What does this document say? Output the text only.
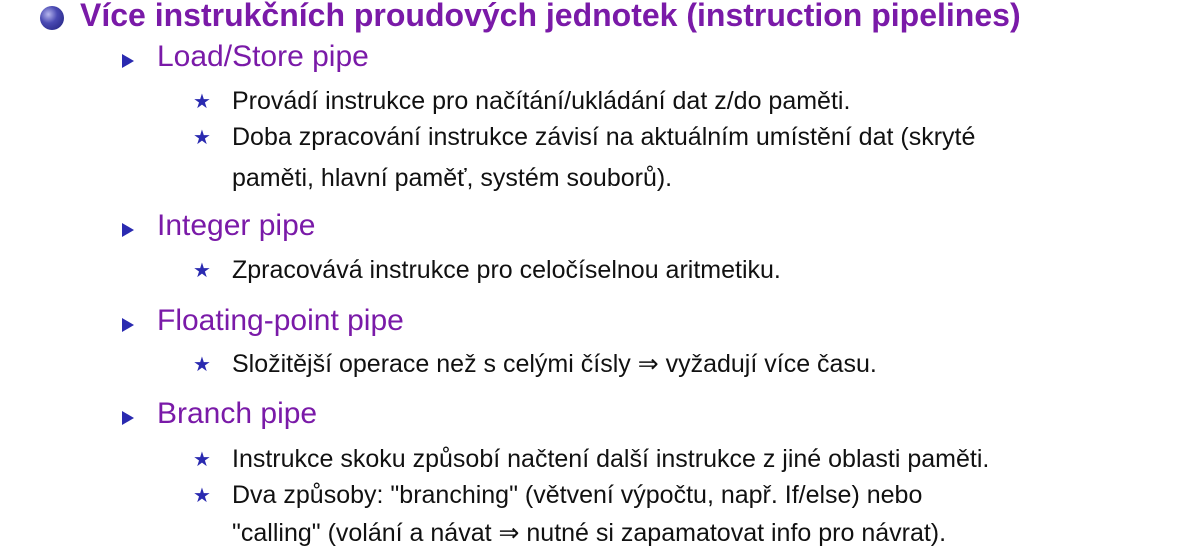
Více instrukčních proudových jednotek (instruction pipelines)
Load/Store pipe
★ Provádí instrukce pro načítání/ukládání dat z/do paměti.
★ Doba zpracování instrukce závisí na aktuálním umístění dat (skryté
paměti, hlavní paměť, systém souborů).
Integer pipe
★ Zpracovává instrukce pro celočíselnou aritmetiku.
Floating-point pipe
★ Složitější operace než s celými čísly ⇒ vyžadují více času.
Branch pipe
★ Instrukce skoku způsobí načtení další instrukce z jiné oblasti paměti.
★ Dva způsoby: "branching" (větvení výpočtu, např. If/else) nebo
"calling" (volání a návat ⇒ nutné si zapamatovat info pro návrat).
